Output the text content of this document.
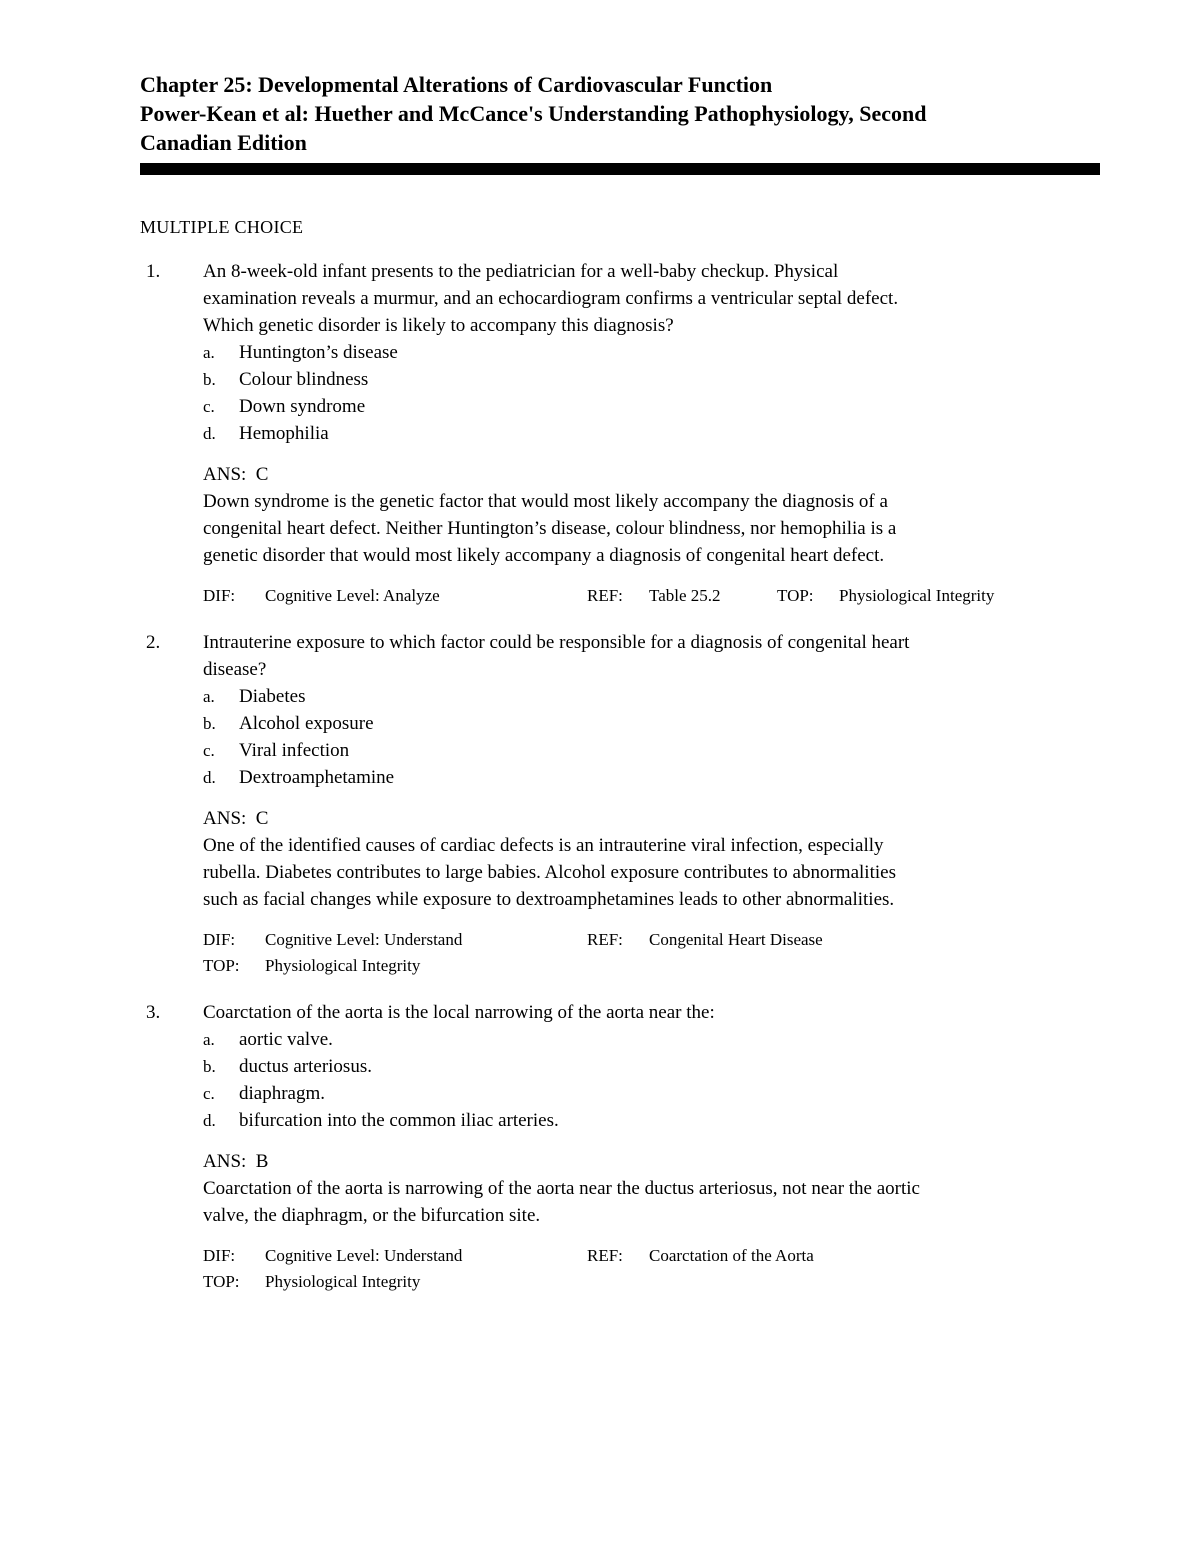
Chapter 25: Developmental Alterations of Cardiovascular Function

Power-Kean et al: Huether and McCance's Understanding Pathophysiology, Second

Canadian Edition

MULTIPLE CHOICE
1. An 8-week-old infant presents to the pediatrician for a well-baby checkup. Physical
examination reveals a murmur, and an echocardiogram confirms a ventricular septal defect.
Which genetic disorder is likely to accompany this diagnosis?
a. Huntington’s disease
b. Colour blindness
c. Down syndrome
d. Hemophilia
ANS: C
Down syndrome is the genetic factor that would most likely accompany the diagnosis of a
congenital heart defect. Neither Huntington’s disease, colour blindness, nor hemophilia is a
genetic disorder that would most likely accompany a diagnosis of congenital heart defect.
DIF:	Cognitive Level: Analyze	REF:	Table 25.2	TOP:	Physiological Integrity
2. Intrauterine exposure to which factor could be responsible for a diagnosis of congenital heart
disease?
a. Diabetes
b. Alcohol exposure
c. Viral infection
d. Dextroamphetamine
ANS: C
One of the identified causes of cardiac defects is an intrauterine viral infection, especially
rubella. Diabetes contributes to large babies. Alcohol exposure contributes to abnormalities
such as facial changes while exposure to dextroamphetamines leads to other abnormalities.
DIF:	Cognitive Level: Understand	REF:	Congenital Heart Disease
TOP:	Physiological Integrity
3. Coarctation of the aorta is the local narrowing of the aorta near the:
a. aortic valve.
b. ductus arteriosus.
c. diaphragm.
d. bifurcation into the common iliac arteries.
ANS: B
Coarctation of the aorta is narrowing of the aorta near the ductus arteriosus, not near the aortic
valve, the diaphragm, or the bifurcation site.
DIF:	Cognitive Level: Understand	REF:	Coarctation of the Aorta
TOP:	Physiological Integrity
